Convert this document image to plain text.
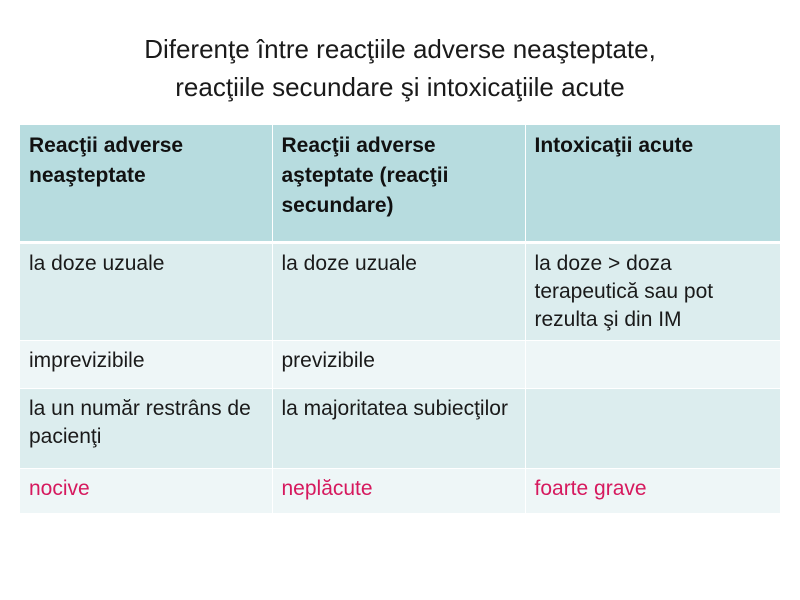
Diferenţe între reacţiile adverse neaşteptate,
reacţiile secundare şi intoxicaţiile acute
Reacţii adverse neaşteptate	Reacţii adverse aşteptate (reacţii secundare)	Intoxicaţii acute
la doze uzuale	la doze uzuale	la doze > doza terapeutică sau pot rezulta şi din IM
imprevizibile	previzibile	
la un număr restrâns de pacienţi	la majoritatea subiecţilor	
nocive	neplăcute	foarte grave
